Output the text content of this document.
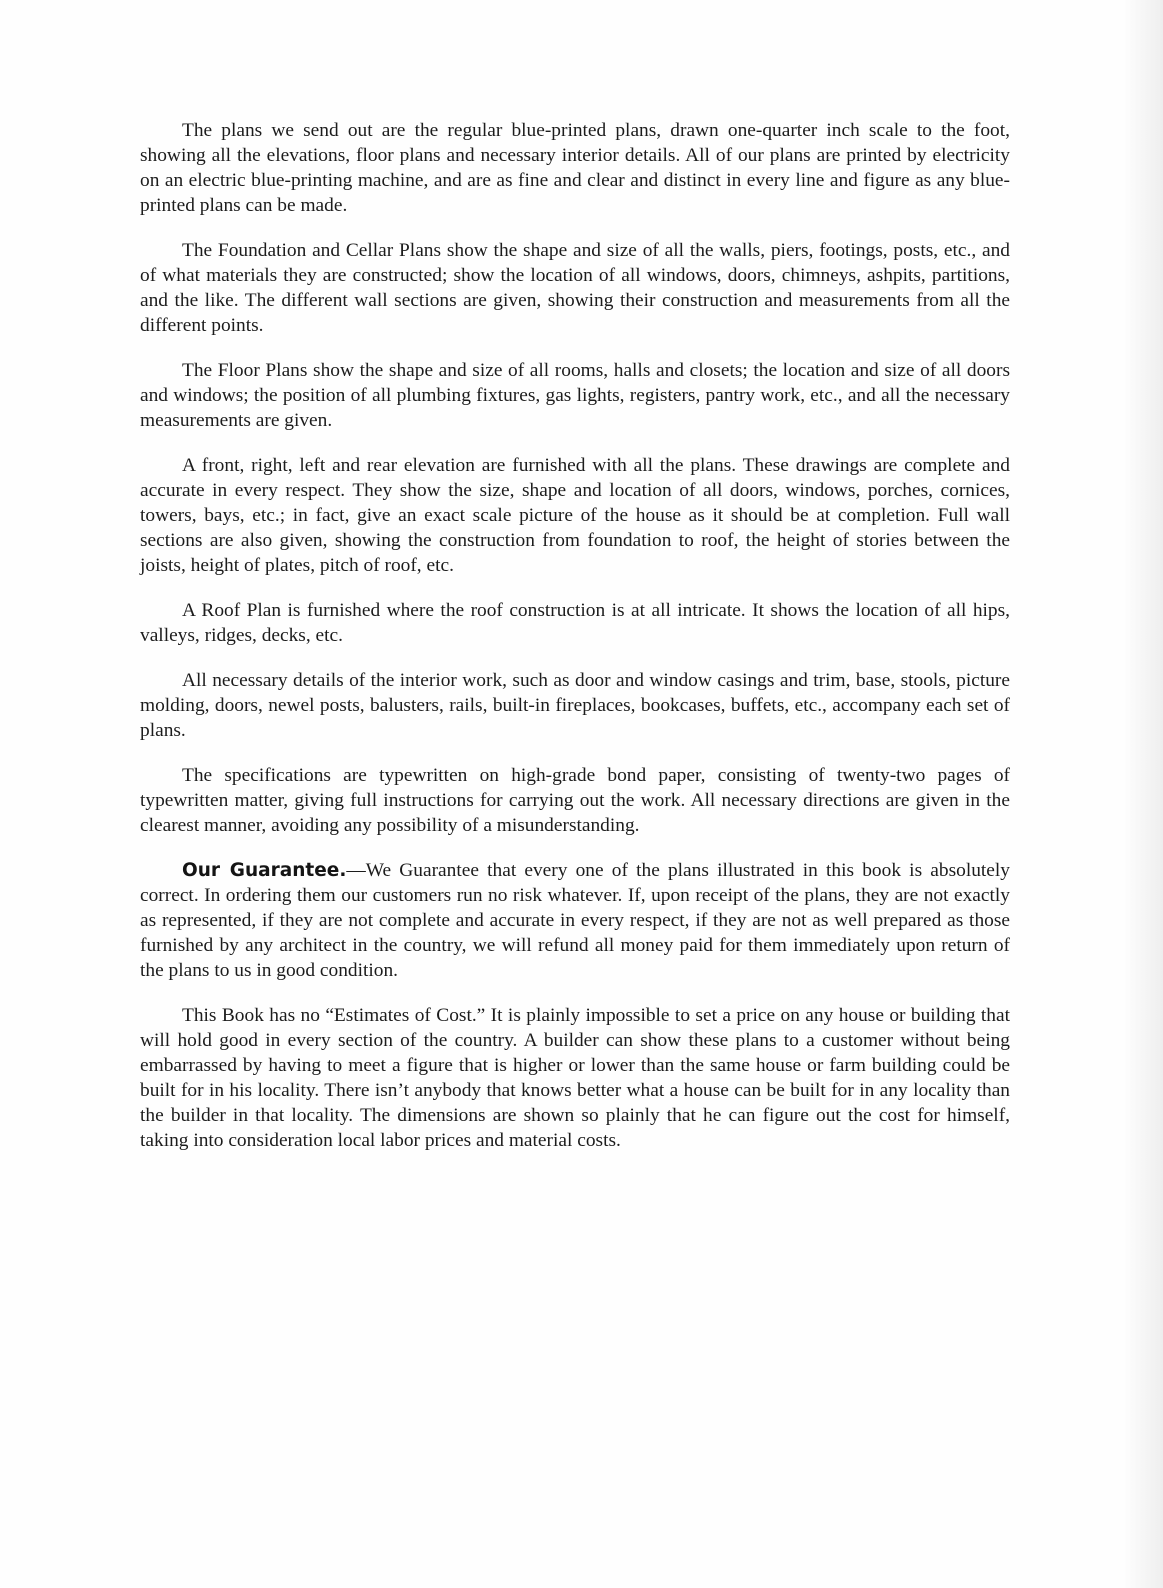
The plans we send out are the regular blue-printed plans, drawn one-quarter inch scale to the foot, showing all the elevations, floor plans and necessary interior details. All of our plans are printed by electricity on an electric blue-printing machine, and are as fine and clear and distinct in every line and figure as any blue-printed plans can be made.

The Foundation and Cellar Plans show the shape and size of all the walls, piers, footings, posts, etc., and of what materials they are constructed; show the location of all windows, doors, chimneys, ashpits, partitions, and the like. The different wall sections are given, showing their construction and measurements from all the different points.

The Floor Plans show the shape and size of all rooms, halls and closets; the location and size of all doors and windows; the position of all plumbing fixtures, gas lights, registers, pantry work, etc., and all the necessary measurements are given.

A front, right, left and rear elevation are furnished with all the plans. These drawings are complete and accurate in every respect. They show the size, shape and location of all doors, windows, porches, cornices, towers, bays, etc.; in fact, give an exact scale picture of the house as it should be at completion. Full wall sections are also given, showing the construction from foundation to roof, the height of stories between the joists, height of plates, pitch of roof, etc.

A Roof Plan is furnished where the roof construction is at all intricate. It shows the location of all hips, valleys, ridges, decks, etc.

All necessary details of the interior work, such as door and window casings and trim, base, stools, picture molding, doors, newel posts, balusters, rails, built-in fireplaces, bookcases, buffets, etc., accompany each set of plans.

The specifications are typewritten on high-grade bond paper, consisting of twenty-two pages of typewritten matter, giving full instructions for carrying out the work. All necessary directions are given in the clearest manner, avoiding any possibility of a misunderstanding.

Our Guarantee.—We Guarantee that every one of the plans illustrated in this book is absolutely correct. In ordering them our customers run no risk whatever. If, upon receipt of the plans, they are not exactly as represented, if they are not complete and accurate in every respect, if they are not as well prepared as those furnished by any architect in the country, we will refund all money paid for them immediately upon return of the plans to us in good condition.

This Book has no “Estimates of Cost.” It is plainly impossible to set a price on any house or building that will hold good in every section of the country. A builder can show these plans to a customer without being embarrassed by having to meet a figure that is higher or lower than the same house or farm building could be built for in his locality. There isn’t anybody that knows better what a house can be built for in any locality than the builder in that locality. The dimensions are shown so plainly that he can figure out the cost for himself, taking into consideration local labor prices and material costs.
